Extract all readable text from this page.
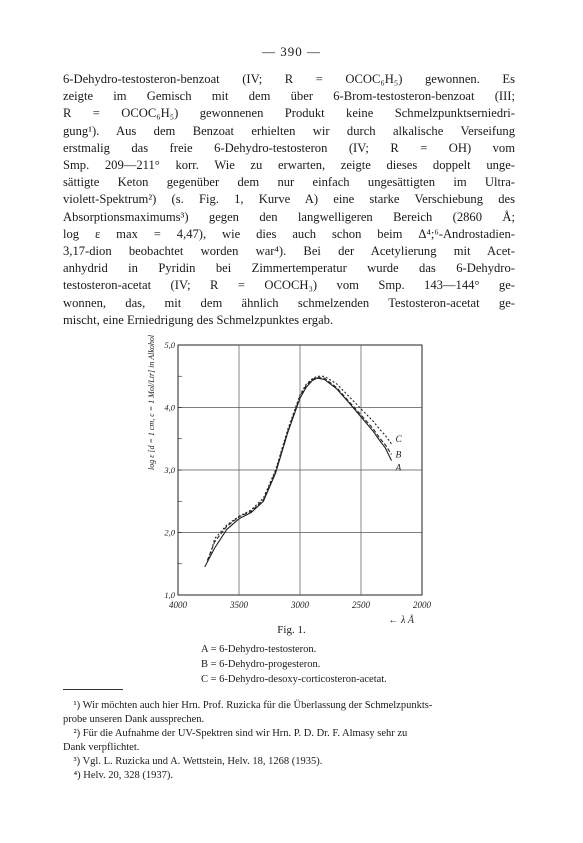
— 390 —
6-Dehydro-testosteron-benzoat (IV; R = OCOC₆H₅) gewonnen. Es
zeigte im Gemisch mit dem über 6-Brom-testosteron-benzoat (III;
R = OCOC₆H₅) gewonnenen Produkt keine Schmelzpunktserniedri-
gung¹). Aus dem Benzoat erhielten wir durch alkalische Verseifung
erstmalig das freie 6-Dehydro-testosteron (IV; R = OH) vom
Smp. 209—211° korr. Wie zu erwarten, zeigte dieses doppelt unge-
sättigte Keton gegenüber dem nur einfach ungesättigten im Ultra-
violett-Spektrum²) (s. Fig. 1, Kurve A) eine starke Verschiebung des
Absorptionsmaximums³) gegen den langwelligeren Bereich (2860 Å;
log ε max = 4,47), wie dies auch schon beim Δ⁴;⁶-Androstadien-
3,17-dion beobachtet worden war⁴). Bei der Acetylierung mit Acet-
anhydrid in Pyridin bei Zimmertemperatur wurde das 6-Dehydro-
testosteron-acetat (IV; R = OCOCH₃) vom Smp. 143—144° ge-
wonnen, das, mit dem ähnlich schmelzenden Testosteron-acetat ge-
mischt, eine Erniedrigung des Schmelzpunktes ergab.
log ε [d = 1 cm, c = 1 Mol/Ltr] in Alkohol
4000	3500	3000	2500	2000
1,0
2,0
3,0
4,0
5,0
A
B
C
← λ Å
Fig. 1.
A = 6-Dehydro-testosteron.
B = 6-Dehydro-progesteron.
C = 6-Dehydro-desoxy-corticosteron-acetat.
 ¹) Wir möchten auch hier Hrn. Prof. Ruzicka für die Überlassung der Schmelzpunkts-
probe unseren Dank aussprechen.
 ²) Für die Aufnahme der UV-Spektren sind wir Hrn. P. D. Dr. F. Almasy sehr zu
Dank verpflichtet.
 ³) Vgl. L. Ruzicka und A. Wettstein, Helv. 18, 1268 (1935).
 ⁴) Helv. 20, 328 (1937).
